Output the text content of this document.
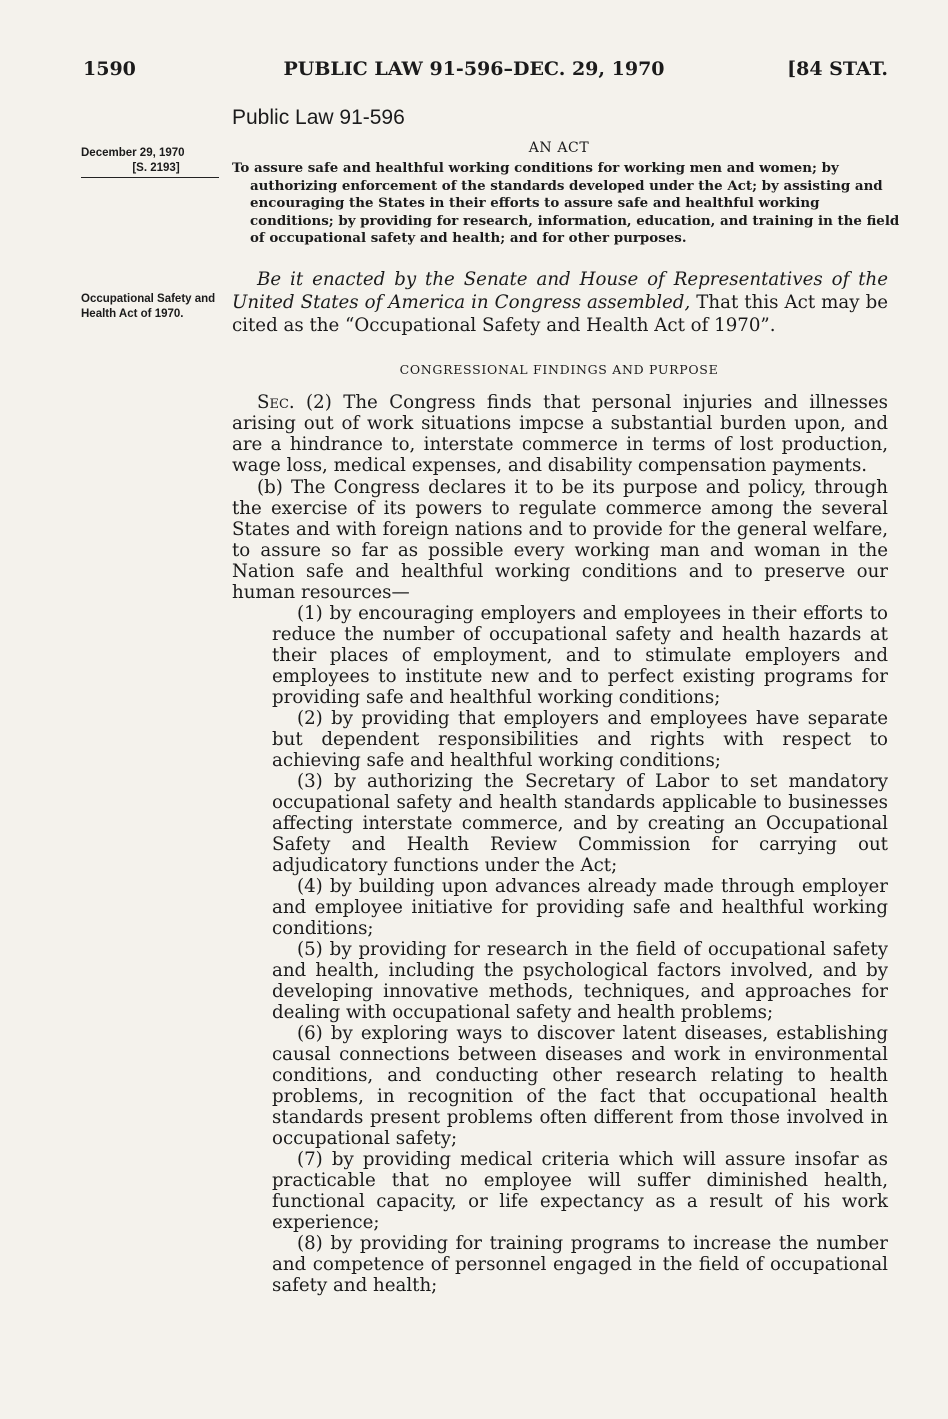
1590	PUBLIC LAW 91-596–DEC. 29, 1970	[84 STAT.
Public Law 91-596
December 29, 1970
[S. 2193]
Occupational Safety and Health Act of 1970.
AN ACT
To assure safe and healthful working conditions for working men and women; by authorizing enforcement of the standards developed under the Act; by assisting and encouraging the States in their efforts to assure safe and healthful working conditions; by providing for research, information, education, and training in the field of occupational safety and health; and for other purposes.
Be it enacted by the Senate and House of Representatives of the United States of America in Congress assembled, That this Act may be cited as the “Occupational Safety and Health Act of 1970”.
CONGRESSIONAL FINDINGS AND PURPOSE

Sec. (2) The Congress finds that personal injuries and illnesses arising out of work situations impcse a substantial burden upon, and are a hindrance to, interstate commerce in terms of lost production, wage loss, medical expenses, and disability compensation payments.

(b) The Congress declares it to be its purpose and policy, through the exercise of its powers to regulate commerce among the several States and with foreign nations and to provide for the general welfare, to assure so far as possible every working man and woman in the Nation safe and healthful working conditions and to preserve our human resources—

(1) by encouraging employers and employees in their efforts to reduce the number of occupational safety and health hazards at their places of employment, and to stimulate employers and employees to institute new and to perfect existing programs for providing safe and healthful working conditions;

(2) by providing that employers and employees have separate but dependent responsibilities and rights with respect to achieving safe and healthful working conditions;

(3) by authorizing the Secretary of Labor to set mandatory occupational safety and health standards applicable to businesses affecting interstate commerce, and by creating an Occupational Safety and Health Review Commission for carrying out adjudicatory functions under the Act;

(4) by building upon advances already made through employer and employee initiative for providing safe and healthful working conditions;

(5) by providing for research in the field of occupational safety and health, including the psychological factors involved, and by developing innovative methods, techniques, and approaches for dealing with occupational safety and health problems;

(6) by exploring ways to discover latent diseases, establishing causal connections between diseases and work in environmental conditions, and conducting other research relating to health problems, in recognition of the fact that occupational health standards present problems often different from those involved in occupational safety;

(7) by providing medical criteria which will assure insofar as practicable that no employee will suffer diminished health, functional capacity, or life expectancy as a result of his work experience;

(8) by providing for training programs to increase the number and competence of personnel engaged in the field of occupational safety and health;
